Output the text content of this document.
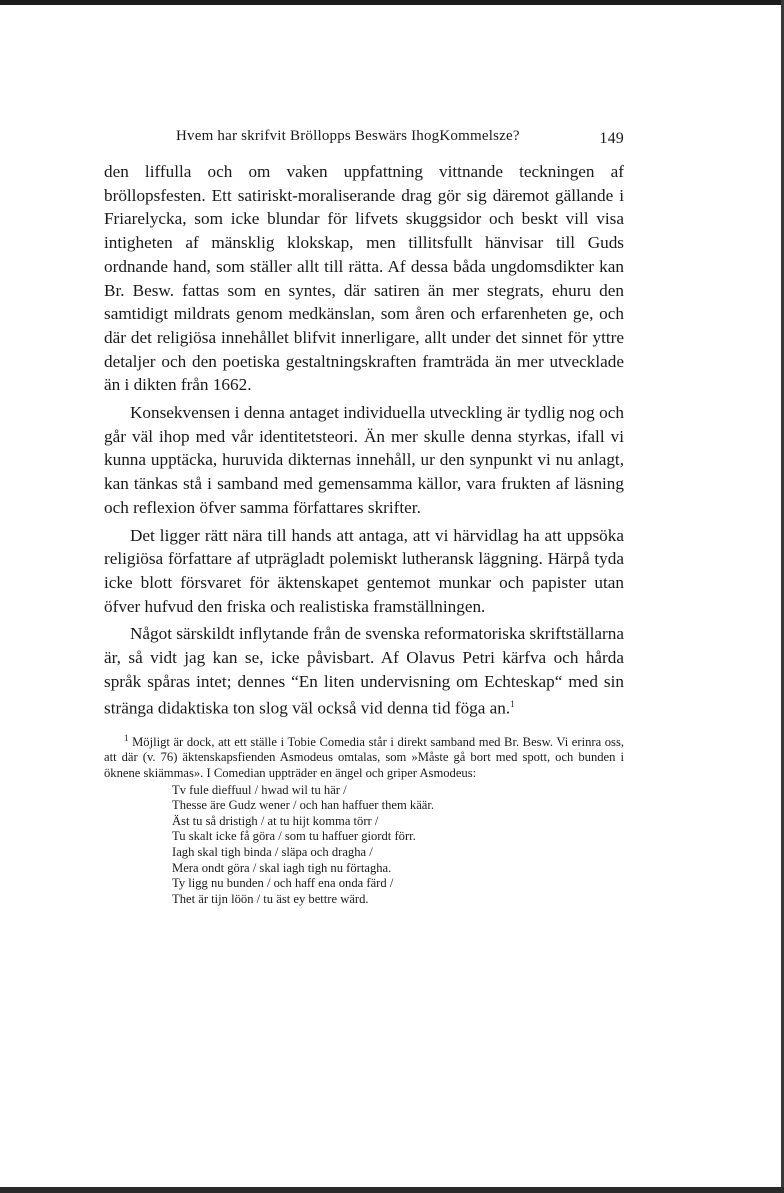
Hvem har skrifvit Bröllopps Beswärs IhogKommelsze?	149

den liffulla och om vaken uppfattning vittnande teckningen af bröllopsfesten. Ett satiriskt-moraliserande drag gör sig däremot gällande i Friarelycka, som icke blundar för lifvets skuggsidor och beskt vill visa intigheten af mänsklig klokskap, men tillitsfullt hänvisar till Guds ordnande hand, som ställer allt till rätta. Af dessa båda ungdomsdikter kan Br. Besw. fattas som en syntes, där satiren än mer stegrats, ehuru den samtidigt mildrats genom medkänslan, som åren och erfarenheten ge, och där det religiösa innehållet blifvit innerligare, allt under det sinnet för yttre detaljer och den poetiska gestaltningskraften framträda än mer utvecklade än i dikten från 1662.

Konsekvensen i denna antaget individuella utveckling är tydlig nog och går väl ihop med vår identitetsteori. Än mer skulle denna styrkas, ifall vi kunna upptäcka, huruvida dikternas innehåll, ur den synpunkt vi nu anlagt, kan tänkas stå i samband med gemensamma källor, vara frukten af läsning och reflexion öfver samma författares skrifter.

Det ligger rätt nära till hands att antaga, att vi härvidlag ha att uppsöka religiösa författare af utprägladt polemiskt lutheransk läggning. Härpå tyda icke blott försvaret för äktenskapet gentemot munkar och papister utan öfver hufvud den friska och realistiska framställningen.

Något särskildt inflytande från de svenska reformatoriska skriftställarna är, så vidt jag kan se, icke påvisbart. Af Olavus Petri kärfva och hårda språk spåras intet; dennes “En liten undervisning om Echteskap“ med sin stränga didaktiska ton slog väl också vid denna tid föga an.$^1$

$^1$ Möjligt är dock, att ett ställe i Tobie Comedia står i direkt samband med Br. Besw. Vi erinra oss, att där (v. 76) äktenskapsfienden Asmodeus omtalas, som »Måste gå bort med spott, och bunden i öknene skiämmas». I Comedian uppträder en ängel och griper Asmodeus:

Tv fule dieffuul / hwad wil tu här /
Thesse äre Gudz wener / och han haffuer them käär.
Äst tu så dristigh / at tu hijt komma törr /
Tu skalt icke få göra / som tu haffuer giordt förr.
Iagh skal tigh binda / släpa och dragha /
Mera ondt göra / skal iagh tigh nu förtagha.
Ty ligg nu bunden / och haff ena onda färd /
Thet är tijn löön / tu äst ey bettre wärd.
